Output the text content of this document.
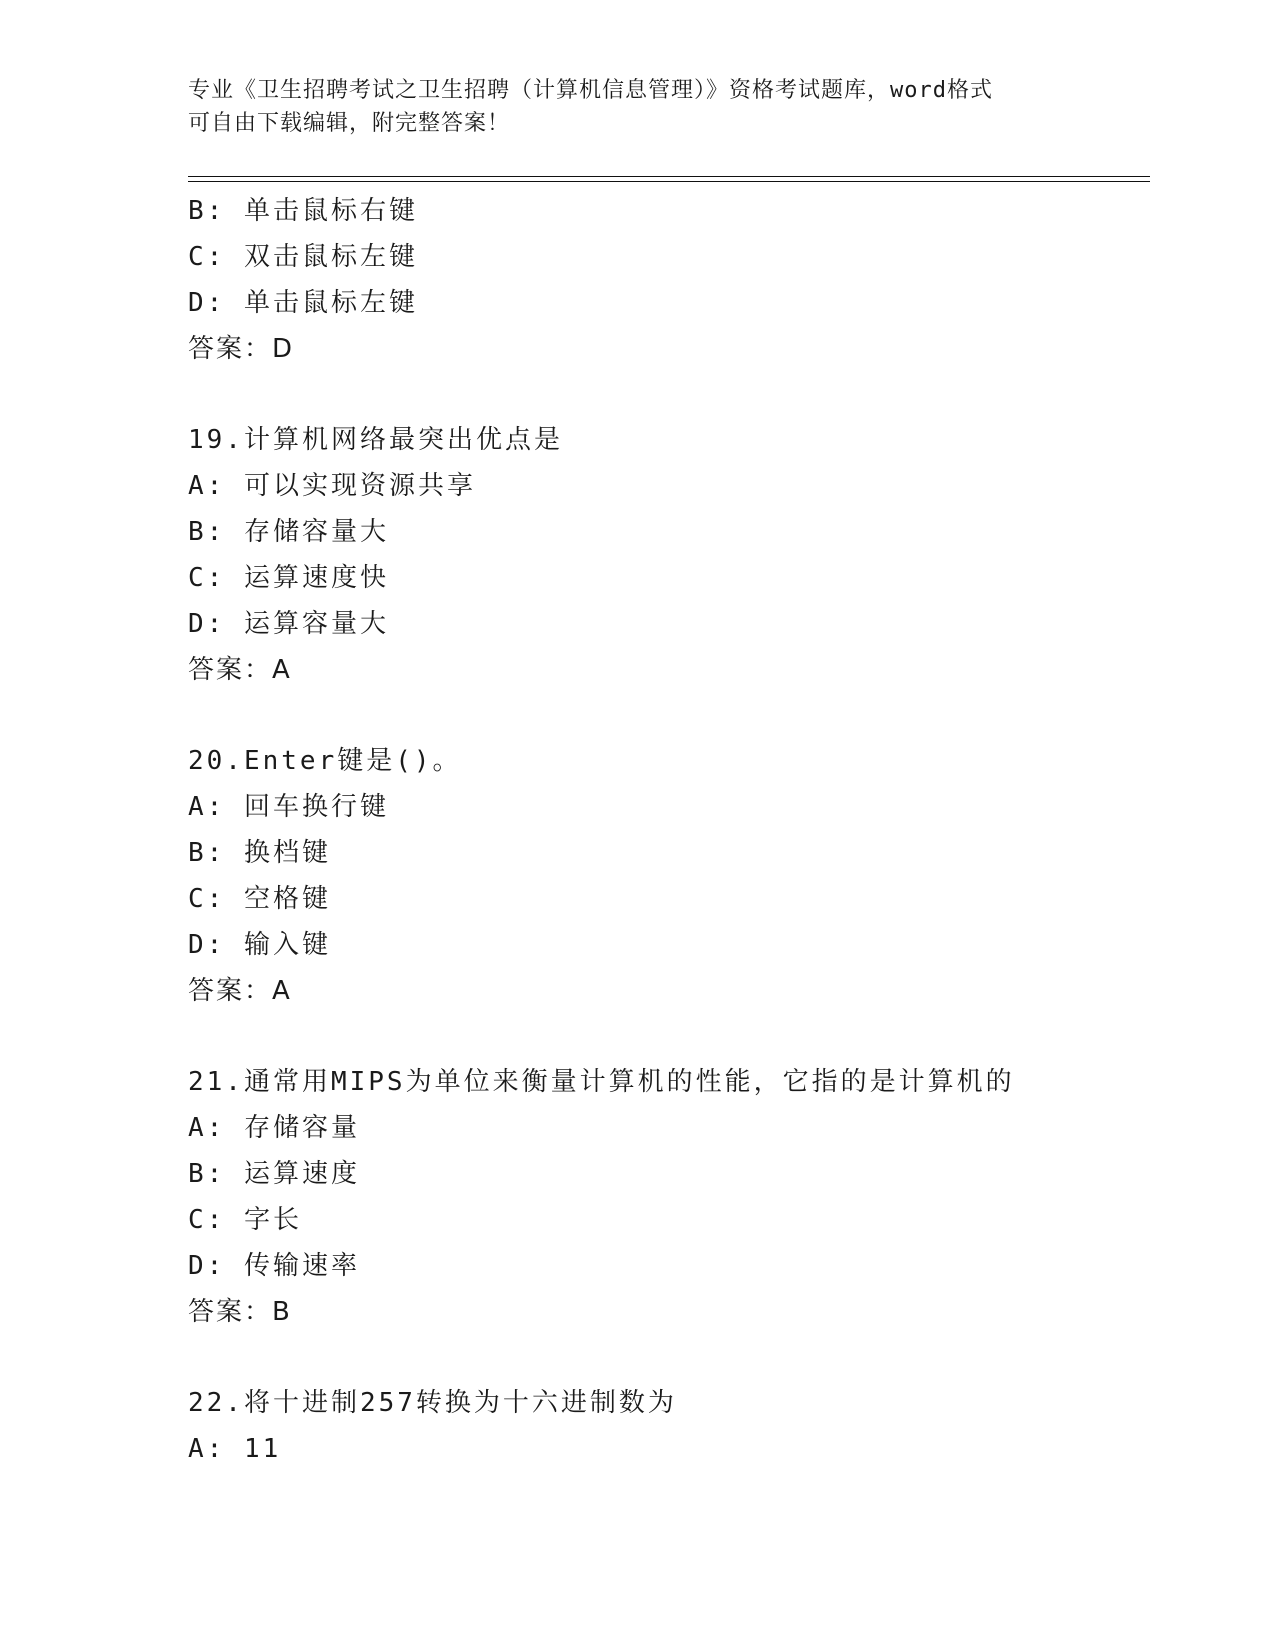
专业《卫生招聘考试之卫生招聘（计算机信息管理）》资格考试题库，word格式

可自由下载编辑，附完整答案！

B: 单击鼠标右键
C: 双击鼠标左键
D: 单击鼠标左键
答案：D
19.计算机网络最突出优点是
A: 可以实现资源共享
B: 存储容量大
C: 运算速度快
D: 运算容量大
答案：A
20.Enter键是()。
A: 回车换行键
B: 换档键
C: 空格键
D: 输入键
答案：A
21.通常用MIPS为单位来衡量计算机的性能，它指的是计算机的
A: 存储容量
B: 运算速度
C: 字长
D: 传输速率
答案：B
22.将十进制257转换为十六进制数为
A: 11
